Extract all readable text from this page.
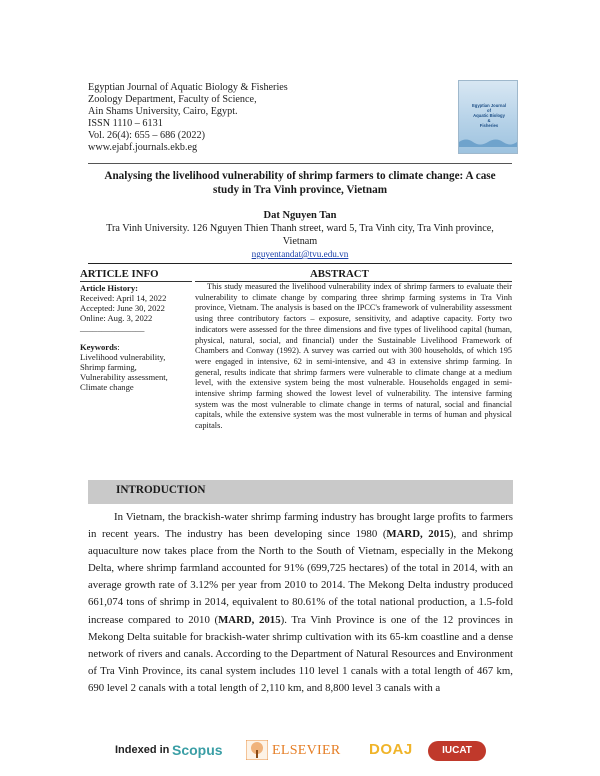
Egyptian Journal of Aquatic Biology & Fisheries
Zoology Department, Faculty of Science,
Ain Shams University, Cairo, Egypt.
ISSN 1110 – 6131
Vol. 26(4): 655 – 686 (2022)
www.ejabf.journals.ekb.eg
Egyptian Journal
of
Aquatic Biology
&
Fisheries
Analysing the livelihood vulnerability of shrimp farmers to climate change: A case
study in Tra Vinh province, Vietnam
Dat Nguyen Tan
Tra Vinh University. 126 Nguyen Thien Thanh street, ward 5, Tra Vinh city, Tra Vinh province,
Vietnam
nguyentandat@tvu.edu.vn
ARTICLE INFO
Article History:
Received: April 14, 2022
Accepted: June 30, 2022
Online: Aug. 3, 2022
_______________
Keywords:
Livelihood vulnerability,
Shrimp farming,
Vulnerability assessment,
Climate change
ABSTRACT
This study measured the livelihood vulnerability index of shrimp farmers to evaluate their vulnerability to climate change by comparing three shrimp farming systems in Tra Vinh province, Vietnam. The analysis is based on the IPCC's framework of vulnerability assessment using three contributory factors – exposure, sensitivity, and adaptive capacity. Forty two indicators were assessed for the three dimensions and five types of livelihood capital (human, physical, natural, social, and financial) under the Sustainable Livelihood Framework of Chambers and Conway (1992). A survey was carried out with 300 households, of which 195 were engaged in intensive, 62 in semi-intensive, and 43 in extensive shrimp farming. In general, results indicate that shrimp farmers were vulnerable to climate change at a medium level, with the extensive system being the most vulnerable. Households engaged in semi-intensive shrimp farming showed the lowest level of vulnerability. The intensive farming system was the most vulnerable to climate change in terms of natural, social and financial capitals, while the extensive system was the most vulnerable in terms of human and physical capitals.
INTRODUCTION
In Vietnam, the brackish-water shrimp farming industry has brought large profits to farmers in recent years. The industry has been developing since 1980 (MARD, 2015), and shrimp aquaculture now takes place from the North to the South of Vietnam, especially in the Mekong Delta, where shrimp farmland accounted for 91% (699,725 hectares) of the total in 2014, with an average growth rate of 3.12% per year from 2010 to 2014. The Mekong Delta industry produced 661,074 tons of shrimp in 2014, equivalent to 80.61% of the total national production, a 1.5-fold increase compared to 2010 (MARD, 2015). Tra Vinh Province is one of the 12 provinces in Mekong Delta suitable for brackish-water shrimp cultivation with its 65-km coastline and a dense network of rivers and canals. According to the Department of Natural Resources and Environment of Tra Vinh Province, its canal system includes 110 level 1 canals with a total length of 467 km, 690 level 2 canals with a total length of 2,110 km, and 8,800 level 3 canals with a
Indexed in Scopus	ELSEVIER DOAJ	IUCAT
